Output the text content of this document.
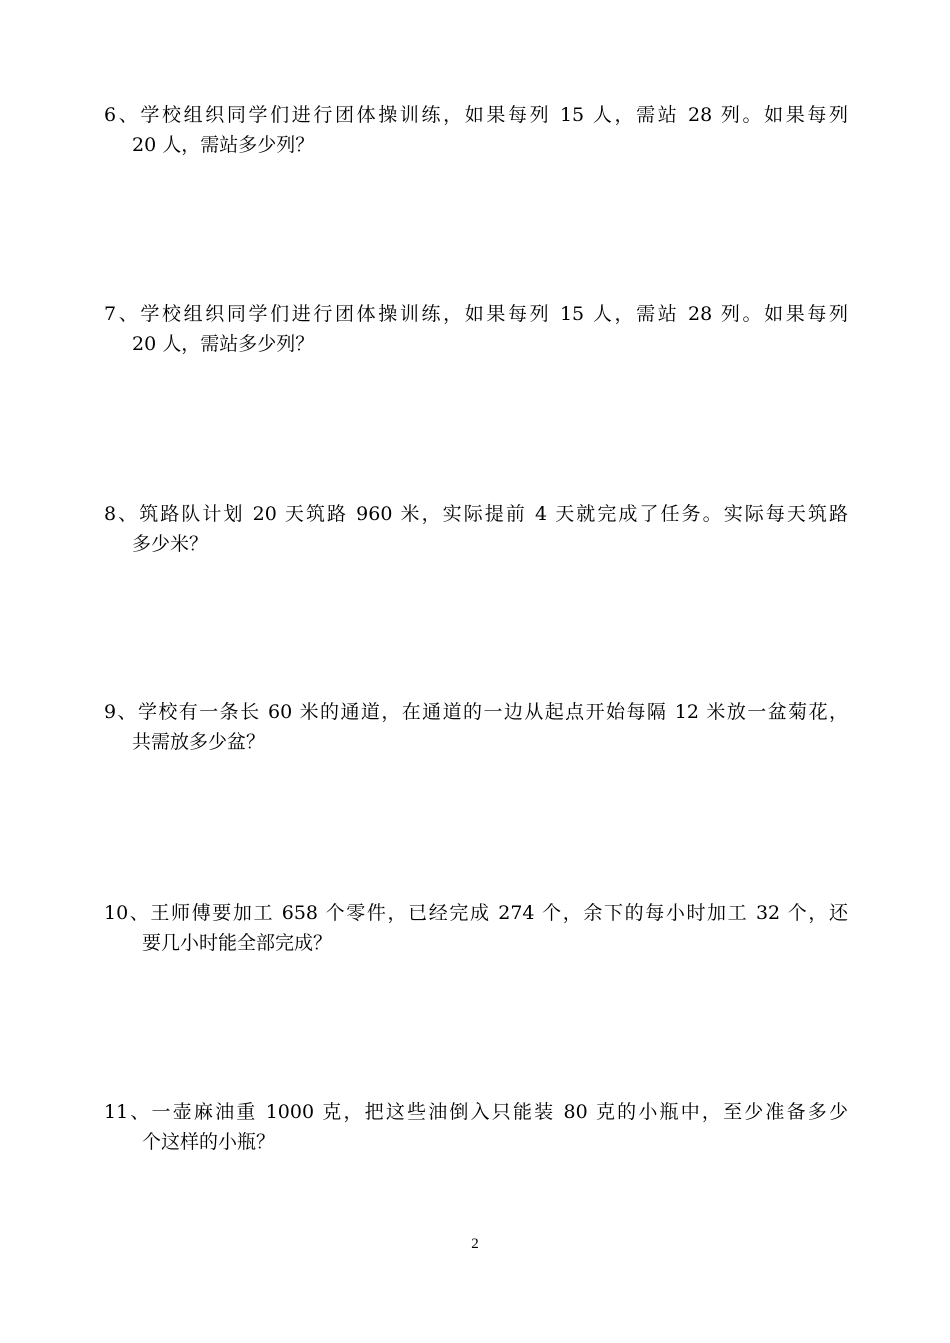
6、学校组织同学们进行团体操训练，如果每列 15 人，需站 28 列。如果每列
20 人，需站多少列？
7、学校组织同学们进行团体操训练，如果每列 15 人，需站 28 列。如果每列
20 人，需站多少列？
8、筑路队计划 20 天筑路 960 米，实际提前 4 天就完成了任务。实际每天筑路
多少米？
9、学校有一条长 60 米的通道，在通道的一边从起点开始每隔 12 米放一盆菊花，
共需放多少盆？
10、王师傅要加工 658 个零件，已经完成 274 个，余下的每小时加工 32 个，还
要几小时能全部完成？
11、一壶麻油重 1000 克，把这些油倒入只能装 80 克的小瓶中，至少准备多少
个这样的小瓶？
2
